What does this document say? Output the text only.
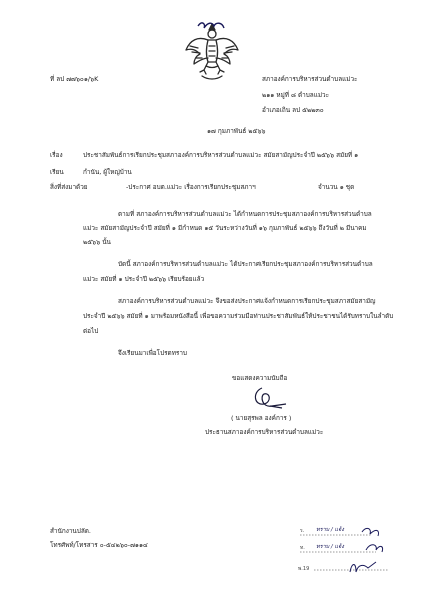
ที่ ลป ๗๗๖๐๑/๖K	สภาองค์การบริหารส่วนตำบลแม่วะ
๒๑๑ หมู่ที่ ๘ ตำบลแม่วะ
อำเภอเถิน ลป ๕๒๒๓๐
๑๗ กุมภาพันธ์ ๒๕๖๖
เรื่อง	ประชาสัมพันธ์การเรียกประชุมสภาองค์การบริหารส่วนตำบลแม่วะ สมัยสามัญประจำปี ๒๕๖๖ สมัยที่ ๑
เรียน	กำนัน, ผู้ใหญ่บ้าน
สิ่งที่ส่งมาด้วย	-ประกาศ อบต.แม่วะ เรื่องการเรียกประชุมสภาฯ	จำนวน ๑ ชุด
ตามที่ สภาองค์การบริหารส่วนตำบลแม่วะ ได้กำหนดการประชุมสภาองค์การบริหารส่วนตำบล
แม่วะ สมัยสามัญประจำปี สมัยที่ ๑ มีกำหนด ๑๕ วันระหว่างวันที่ ๑๖ กุมภาพันธ์ ๒๕๖๖ ถึงวันที่ ๒ มีนาคม
๒๕๖๖ นั้น
บัดนี้ สภาองค์การบริหารส่วนตำบลแม่วะ ได้ประกาศเรียกประชุมสภาองค์การบริหารส่วนตำบล
แม่วะ สมัยที่ ๑ ประจำปี ๒๕๖๖ เรียบร้อยแล้ว
สภาองค์การบริหารส่วนตำบลแม่วะ จึงขอส่งประกาศแจ้งกำหนดการเรียกประชุมสภาสมัยสามัญ
ประจำปี ๒๕๖๖ สมัยที่ ๑ มาพร้อมหนังสือนี้ เพื่อขอความร่วมมือท่านประชาสัมพันธ์ให้ประชาชนได้รับทราบในลำดับ
ต่อไป
จึงเรียนมาเพื่อโปรดทราบ
ขอแสดงความนับถือ
( นายสุรพล องค์การ )
ประธานสภาองค์การบริหารส่วนตำบลแม่วะ
สำนักงานปลัด.
โทรศัพท์/โทรสาร ๐-๕๔๒๖๐-๗๑๑๔
ร. ทราบ / แจ้ง
ท. ทราบ / แจ้ง
พ.19
